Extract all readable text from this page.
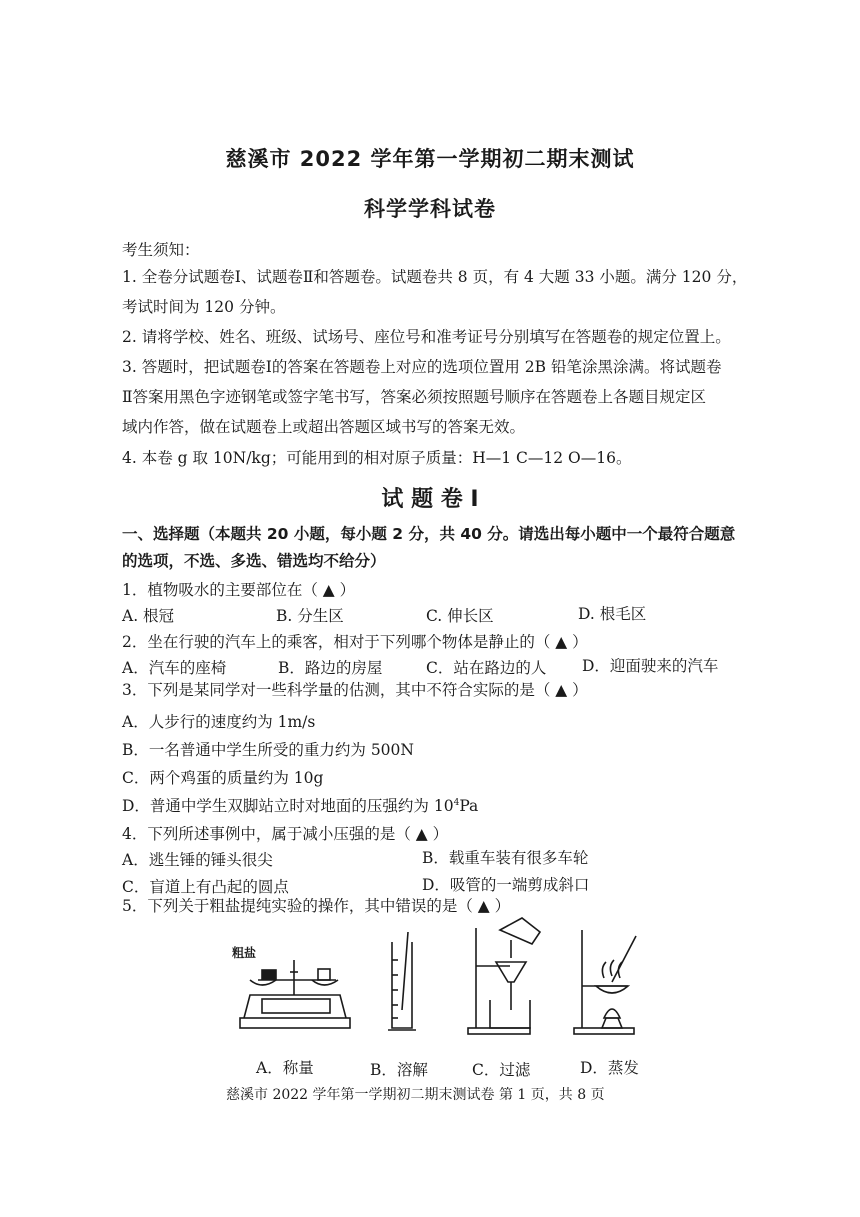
慈溪市 2022 学年第一学期初二期末测试
科学学科试卷
考生须知：
1. 全卷分试题卷Ⅰ、试题卷Ⅱ和答题卷。试题卷共 8 页，有 4 大题 33 小题。满分 120 分，
考试时间为 120 分钟。
2. 请将学校、姓名、班级、试场号、座位号和准考证号分别填写在答题卷的规定位置上。
3. 答题时，把试题卷Ⅰ的答案在答题卷上对应的选项位置用 2B 铅笔涂黑涂满。将试题卷
Ⅱ答案用黑色字迹钢笔或签字笔书写，答案必须按照题号顺序在答题卷上各题目规定区
域内作答，做在试题卷上或超出答题区域书写的答案无效。
4. 本卷 g 取 10N/kg；可能用到的相对原子质量：H—1 C—12 O—16。
试 题 卷 Ⅰ
一、选择题（本题共 20 小题，每小题 2 分，共 40 分。请选出每小题中一个最符合题意
的选项，不选、多选、错选均不给分）
1．植物吸水的主要部位在（ ▲ ）
A. 根冠	B. 分生区	C. 伸长区	D. 根毛区
2．坐在行驶的汽车上的乘客，相对于下列哪个物体是静止的（ ▲ ）
A．汽车的座椅	B．路边的房屋	C．站在路边的人 D．迎面驶来的汽车
3．下列是某同学对一些科学量的估测，其中不符合实际的是（ ▲ ）
A．人步行的速度约为 1m/s
B．一名普通中学生所受的重力约为 500N
C．两个鸡蛋的质量约为 10g
D．普通中学生双脚站立时对地面的压强约为 $10^4Pa$
4．下列所述事例中，属于减小压强的是（ ▲ ）
A．逃生锤的锤头很尖	B．载重车装有很多车轮
C．盲道上有凸起的圆点	D．吸管的一端剪成斜口
5．下列关于粗盐提纯实验的操作，其中错误的是（ ▲ ）
粗盐
A．称量	B．溶解	C．过滤	D．蒸发
慈溪市 2022 学年第一学期初二期末测试卷 第 1 页，共 8 页
